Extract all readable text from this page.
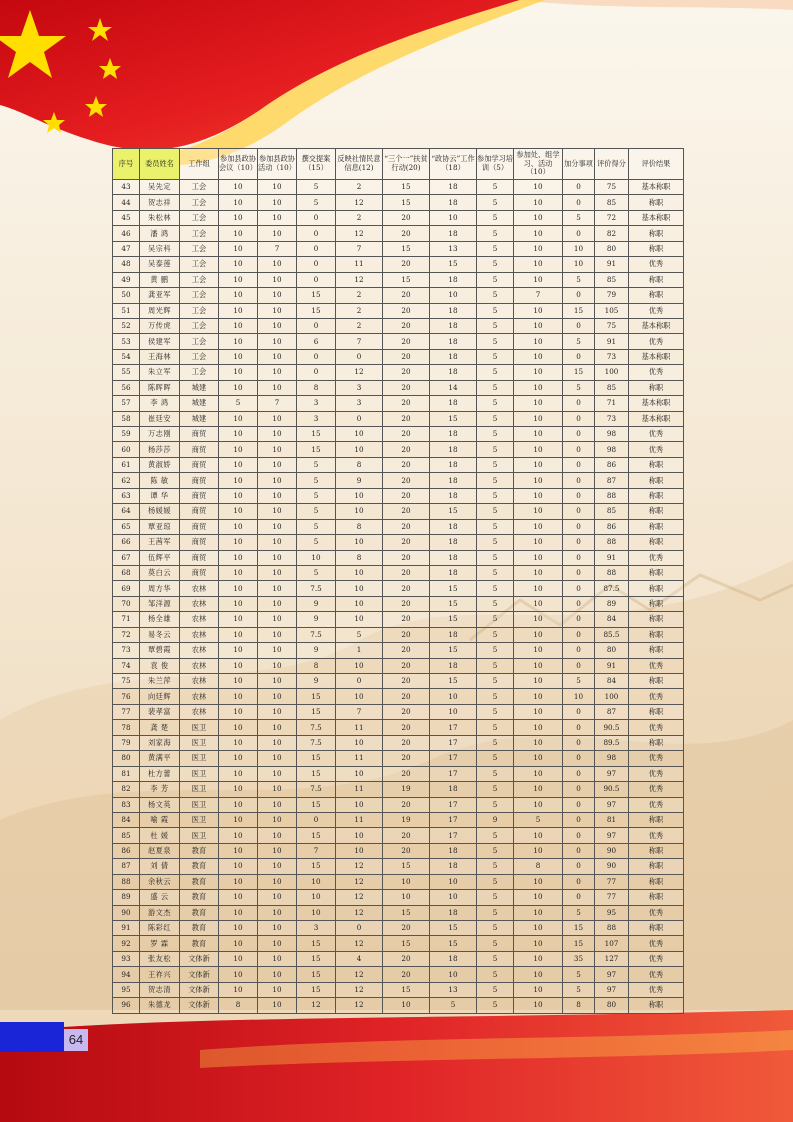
序号	委员姓名	工作组	参加县政协会议（10）	参加县政协活动（10）	撰交提案（15）	反映社情民意信息(12)	“三个一”扶贫行动(20)	“政协云”工作（18）	参加学习培训（5）	参加处、组学习、活动（10）	加分事项	评价得分	评价结果
43	吴先定	工会	10	10	5	2	15	18	5	10	0	75	基本称职
44	贺志祥	工会	10	10	5	12	15	18	5	10	0	85	称职
45	朱松林	工会	10	10	0	2	20	10	5	10	5	72	基本称职
46	潘 鸿	工会	10	10	0	12	20	18	5	10	0	82	称职
47	吴宗科	工会	10	7	0	7	15	13	5	10	10	80	称职
48	吴泰莲	工会	10	10	0	11	20	15	5	10	10	91	优秀
49	黄 鹏	工会	10	10	0	12	15	18	5	10	5	85	称职
50	龚亚军	工会	10	10	15	2	20	10	5	7	0	79	称职
51	周光辉	工会	10	10	15	2	20	18	5	10	15	105	优秀
52	万传虎	工会	10	10	0	2	20	18	5	10	0	75	基本称职
53	侯建军	工会	10	10	6	7	20	18	5	10	5	91	优秀
54	王海林	工会	10	10	0	0	20	18	5	10	0	73	基本称职
55	朱立军	工会	10	10	0	12	20	18	5	10	15	100	优秀
56	陈晖晖	城建	10	10	8	3	20	14	5	10	5	85	称职
57	李 鸿	城建	5	7	3	3	20	18	5	10	0	71	基本称职
58	崔廷安	城建	10	10	3	0	20	15	5	10	0	73	基本称职
59	万志刚	商贸	10	10	15	10	20	18	5	10	0	98	优秀
60	杨莎莎	商贸	10	10	15	10	20	18	5	10	0	98	优秀
61	黄淑娇	商贸	10	10	5	8	20	18	5	10	0	86	称职
62	陈 敏	商贸	10	10	5	9	20	18	5	10	0	87	称职
63	谭 华	商贸	10	10	5	10	20	18	5	10	0	88	称职
64	杨媛媛	商贸	10	10	5	10	20	15	5	10	0	85	称职
65	覃亚琼	商贸	10	10	5	8	20	18	5	10	0	86	称职
66	王茜军	商贸	10	10	5	10	20	18	5	10	0	88	称职
67	伍辉平	商贸	10	10	10	8	20	18	5	10	0	91	优秀
68	莫白云	商贸	10	10	5	10	20	18	5	10	0	88	称职
69	周方华	农林	10	10	7.5	10	20	15	5	10	0	87.5	称职
70	邹洋源	农林	10	10	9	10	20	15	5	10	0	89	称职
71	杨全雄	农林	10	10	9	10	20	15	5	10	0	84	称职
72	易冬云	农林	10	10	7.5	5	20	18	5	10	0	85.5	称职
73	覃碧霞	农林	10	10	9	1	20	15	5	10	0	80	称职
74	袁 俊	农林	10	10	8	10	20	18	5	10	0	91	优秀
75	朱兰萍	农林	10	10	9	0	20	15	5	10	5	84	称职
76	向廷辉	农林	10	10	15	10	20	10	5	10	10	100	优秀
77	裴孝富	农林	10	10	15	7	20	10	5	10	0	87	称职
78	龚 楚	医卫	10	10	7.5	11	20	17	5	10	0	90.5	优秀
79	刘家海	医卫	10	10	7.5	10	20	17	5	10	0	89.5	称职
80	黄满平	医卫	10	10	15	11	20	17	5	10	0	98	优秀
81	杜方蕾	医卫	10	10	15	10	20	17	5	10	0	97	优秀
82	李 芳	医卫	10	10	7.5	11	19	18	5	10	0	90.5	优秀
83	杨文英	医卫	10	10	15	10	20	17	5	10	0	97	优秀
84	喻 霞	医卫	10	10	0	11	19	17	9	5	0	81	称职
85	杜 媛	医卫	10	10	15	10	20	17	5	10	0	97	优秀
86	赵夏泉	教育	10	10	7	10	20	18	5	10	0	90	称职
87	刘 倩	教育	10	10	15	12	15	18	5	8	0	90	称职
88	余秋云	教育	10	10	10	12	10	10	5	10	0	77	称职
89	盛 云	教育	10	10	10	12	10	10	5	10	0	77	称职
90	游文杰	教育	10	10	10	12	15	18	5	10	5	95	优秀
91	陈彩红	教育	10	10	3	0	20	15	5	10	15	88	称职
92	罗 霖	教育	10	10	15	12	15	15	5	10	15	107	优秀
93	张友松	文体新	10	10	15	4	20	18	5	10	35	127	优秀
94	王祚兴	文体新	10	10	15	12	20	10	5	10	5	97	优秀
95	贺志清	文体新	10	10	15	12	15	13	5	10	5	97	优秀
96	朱德龙	文体新	8	10	12	12	10	5	5	10	8	80	称职
64
